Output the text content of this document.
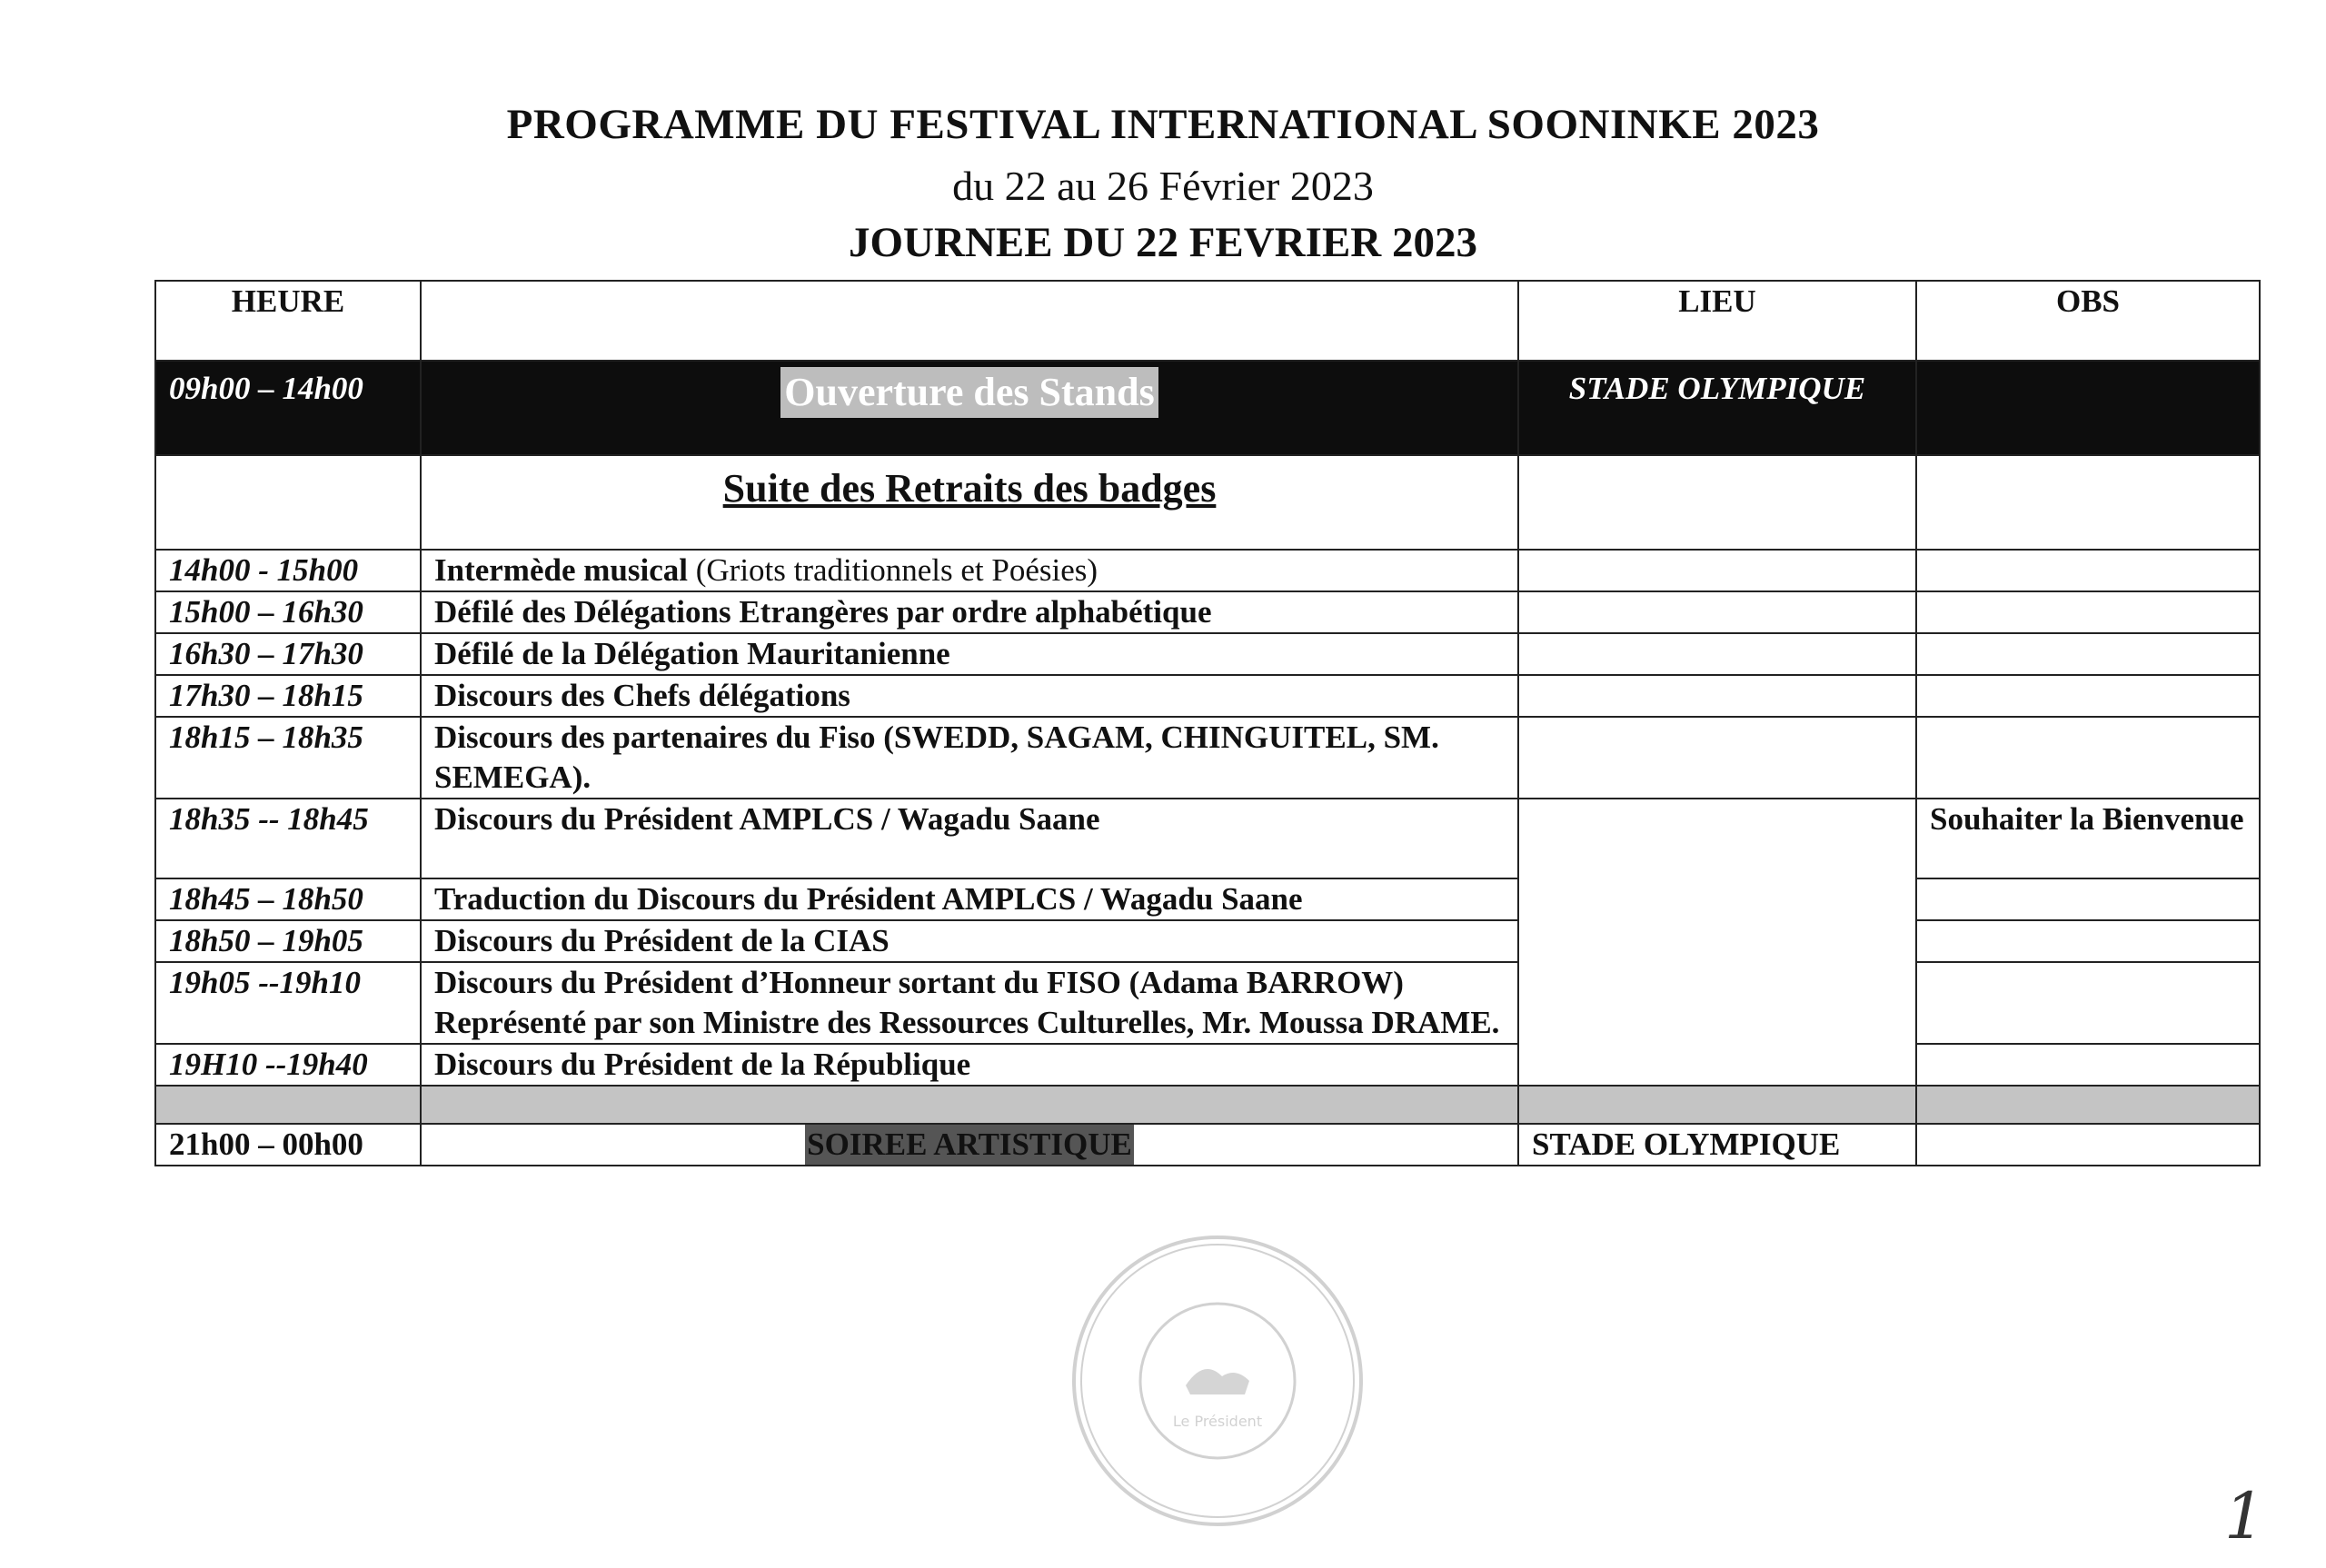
PROGRAMME DU FESTIVAL INTERNATIONAL SOONINKE 2023
du 22 au 26 Février 2023
JOURNEE DU 22 FEVRIER 2023
HEURE		LIEU	OBS
09h00 – 14h00	Ouverture des Stands	STADE OLYMPIQUE	
	Suite des Retraits des badges		
14h00 - 15h00	Intermède musical (Griots traditionnels et Poésies)		
15h00 – 16h30	Défilé des Délégations Etrangères par ordre alphabétique		
16h30 – 17h30	Défilé de la Délégation Mauritanienne		
17h30 – 18h15	Discours des Chefs délégations		
18h15 – 18h35	Discours des partenaires du Fiso (SWEDD, SAGAM, CHINGUITEL, SM. SEMEGA).		
18h35 -- 18h45	Discours du Président AMPLCS / Wagadu Saane		Souhaiter la Bienvenue
18h45 – 18h50	Traduction du Discours du Président AMPLCS / Wagadu Saane		
18h50 – 19h05	Discours du Président de la CIAS		
19h05 --19h10	Discours du Président d’Honneur sortant du FISO (Adama BARROW) Représenté par son Ministre des Ressources Culturelles, Mr. Moussa DRAME.		
19H10 --19h40	Discours du Président de la République		

21h00 – 00h00	SOIREE ARTISTIQUE	STADE OLYMPIQUE	
Le Président
1
